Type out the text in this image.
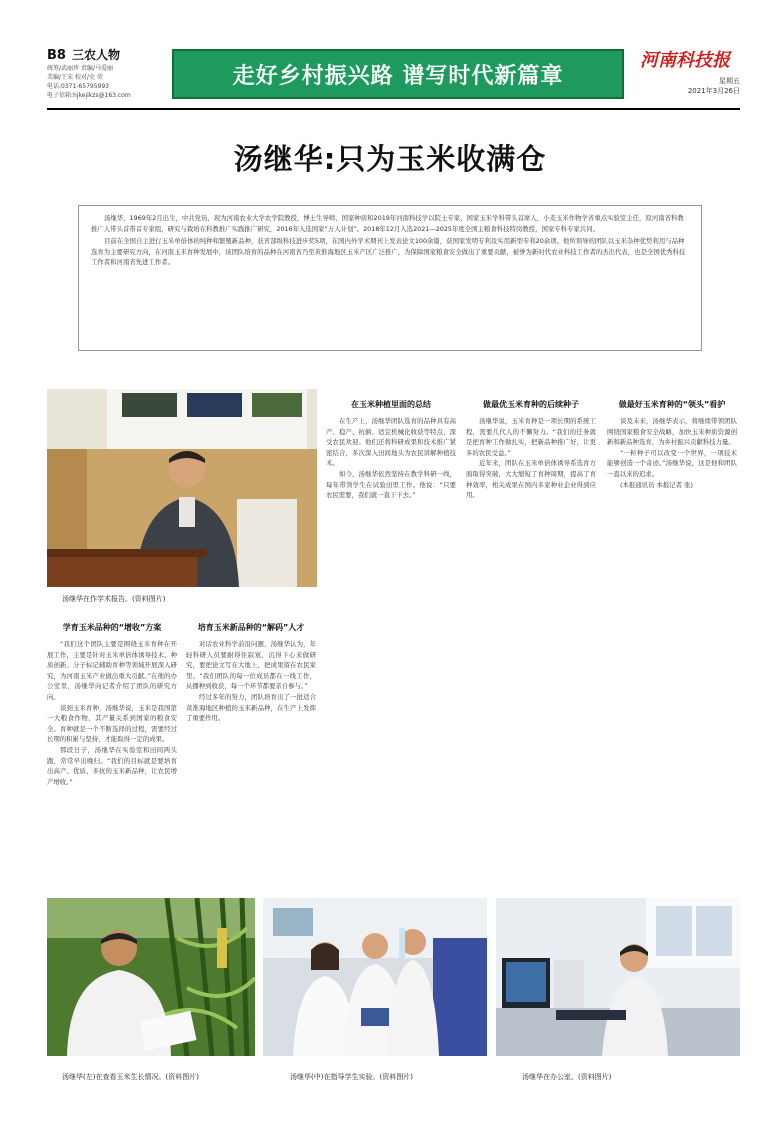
B8 三农人物
统筹/武丽珍 责编/马爱丽
美编/王宋 校对/史 荧
电话:0371-65795993
电子信箱:hjkejikzs@163.com
走好乡村振兴路 谱写时代新篇章
河南科技报
星期五
2021年3月26日
汤继华:只为玉米收满仓

汤继华，1969年2月出生，中共党员，现为河南农业大学农学院教授，博士生导师，国家种质和2019年河南科技学以院士专家、国家玉米学科带头首席人，小麦玉米作物学省重点实验室主任，原河南省科教推广人带头首带首专家组，研究与栽培在科教推广实践推广研究，2016年入选国家“万人计划”。2018年12月入选2021—2025年度全国主粮食科技特岗教授，国家专科专家共同。

目前在全国自主进行玉米单倍体的纯种和繁殖新品种，获省部级科技进步奖5项，在国内外学术期刊上发表论文100余篇，获国家发明专利及实用新型专利20余项。他所领导的团队以玉米杂种优势利用与品种选育为主要研究方向，在河南玉米育种发展中，该团队培育的品种在河南省乃至黄淮海地区玉米产区广泛推广，为保障国家粮食安全做出了重要贡献，被誉为新时代农业科技工作者的杰出代表，也是全国优秀科技工作者和河南省先进工作者。

汤继华在作学术报告。(资料图片)
学育玉米品种的“增收”方案

“我们这个团队主要是围绕玉米育种在开展工作，主要是针对玉米单倍体诱导技术、种质创新、分子标记辅助育种等领域开展深入研究，为河南玉米产业做出重大贡献。”在他的办公室里，汤继华向记者介绍了团队的研究方向。

谈到玉米育种，汤继华说，玉米是我国第一大粮食作物，其产量关系到国家的粮食安全。育种就是一个不断选择的过程，需要经过长期的积累与坚持，才能取得一定的成果。

那段日子，汤继华在实验室和田间两头跑，常常早出晚归。“我们的目标就是要培育出高产、优质、多抗的玉米新品种，让农民增产增收。”

培育玉米新品种的“解码”人才

对话农业科学前沿问题，汤继华认为，年轻科研人员要耐得住寂寞，沉得下心来做研究，要把论文写在大地上，把成果留在农民家里。“我们团队的每一位成员都在一线工作，从播种到收获，每一个环节都要亲自参与。”

经过多年的努力，团队培育出了一批适合黄淮海地区种植的玉米新品种，在生产上发挥了重要作用。

在玉米种植里面的总结

在生产上，汤继华团队选育的品种具有高产、稳产、抗倒、适宜机械化收获等特点，深受农民欢迎。他们还将科研成果和技术推广紧密结合，多次深入田间地头为农民讲解种植技术。

如今，汤继华依然坚持在教学科研一线，每年带领学生在试验田里工作。他说：“只要农民需要，我们就一直干下去。”

做最优玉米育种的后续种子

汤继华说，玉米育种是一项长期的系统工程，需要几代人的不懈努力。“我们的任务就是把育种工作做扎实，把新品种推广好，让更多的农民受益。”

近年来，团队在玉米单倍体诱导系选育方面取得突破，大大缩短了育种周期，提高了育种效率，相关成果在国内多家种业企业得到应用。

做最好玉米育种的“领头”看护

谈及未来，汤继华表示，将继续带领团队围绕国家粮食安全战略，加快玉米种质资源创新和新品种选育，为乡村振兴贡献科技力量。

“一粒种子可以改变一个世界，一项技术能够创造一个奇迹。”汤继华说，这是他和团队一直以来的追求。

(本报通讯员 本报记者 张)

汤继华(左)在查看玉米生长情况。(资料图片)	汤继华(中)在指导学生实验。(资料图片)	汤继华在办公室。(资料图片)
